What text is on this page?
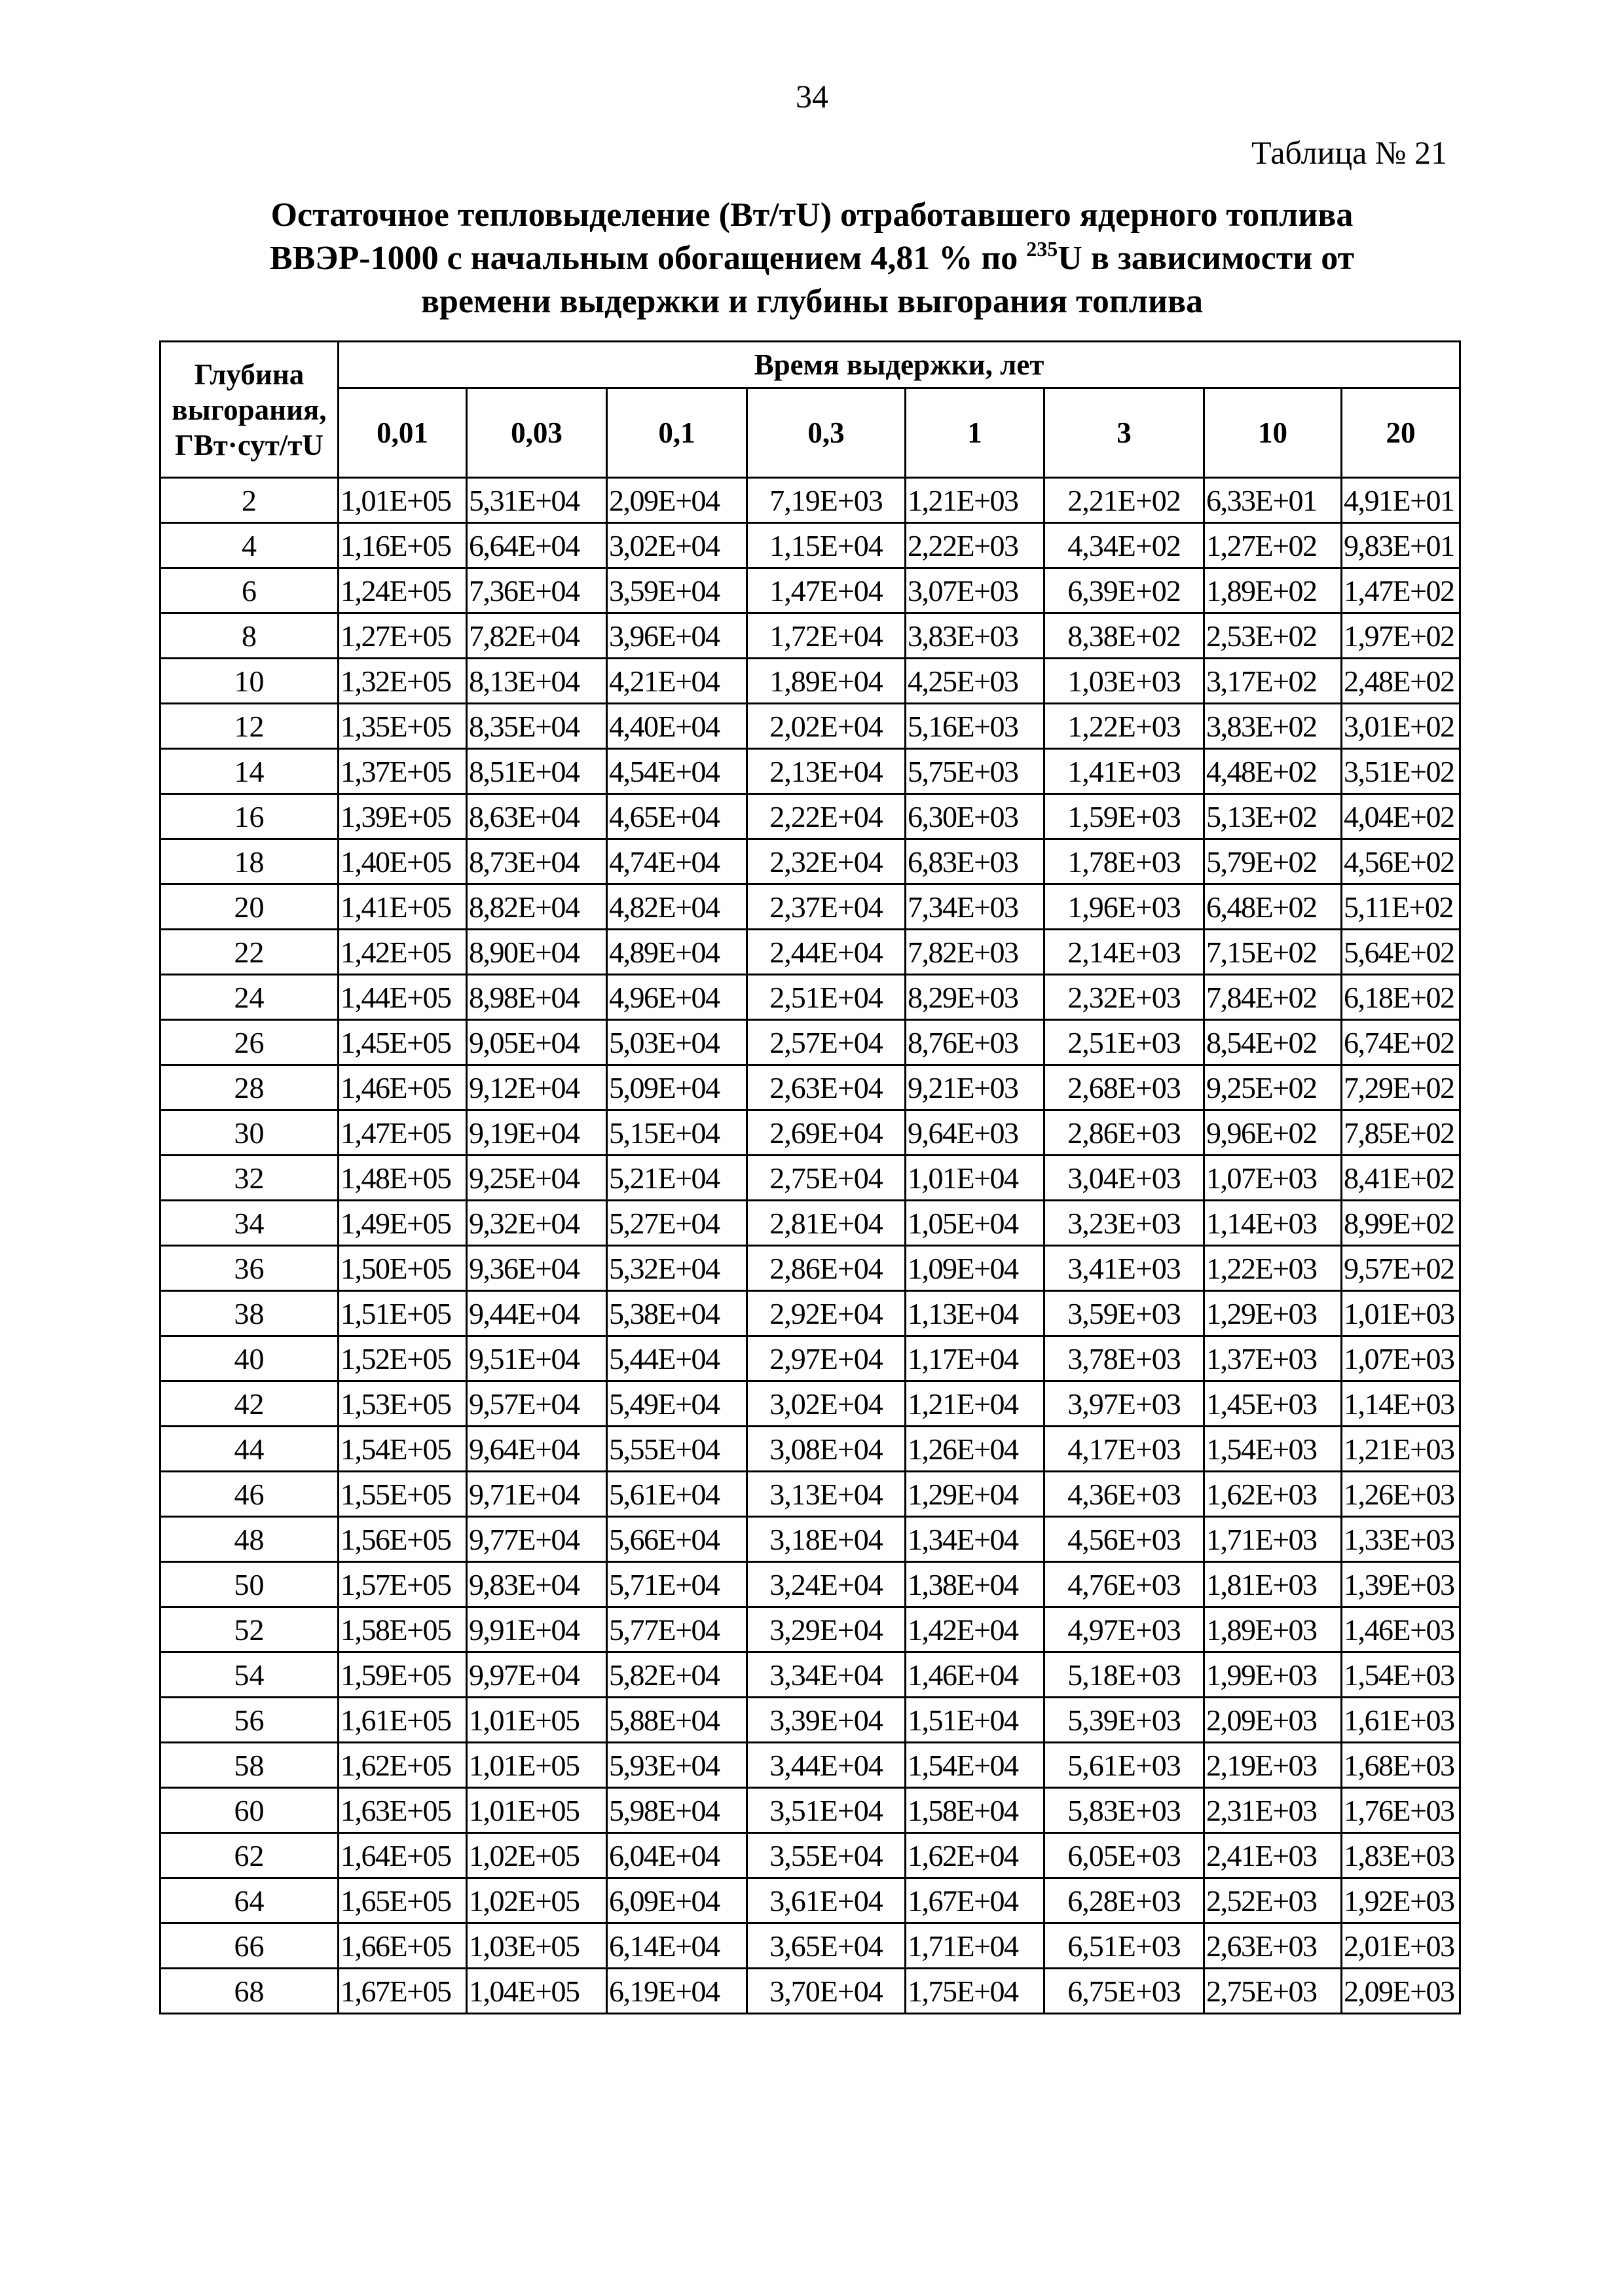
34
Таблица № 21
Остаточное тепловыделение (Вт/тU) отработавшего ядерного топлива
ВВЭР-1000 с начальным обогащением 4,81 % по $^{235}$U в зависимости от
времени выдержки и глубины выгорания топлива
Глубина
выгорания,
ГВт·сут/тU	Время выдержки, лет							
	0,01	0,03	0,1	0,3	1	3	10	20
2	1,01E+05	5,31E+04	2,09E+04	7,19E+03	1,21E+03	2,21E+02	6,33E+01	4,91E+01
4	1,16E+05	6,64E+04	3,02E+04	1,15E+04	2,22E+03	4,34E+02	1,27E+02	9,83E+01
6	1,24E+05	7,36E+04	3,59E+04	1,47E+04	3,07E+03	6,39E+02	1,89E+02	1,47E+02
8	1,27E+05	7,82E+04	3,96E+04	1,72E+04	3,83E+03	8,38E+02	2,53E+02	1,97E+02
10	1,32E+05	8,13E+04	4,21E+04	1,89E+04	4,25E+03	1,03E+03	3,17E+02	2,48E+02
12	1,35E+05	8,35E+04	4,40E+04	2,02E+04	5,16E+03	1,22E+03	3,83E+02	3,01E+02
14	1,37E+05	8,51E+04	4,54E+04	2,13E+04	5,75E+03	1,41E+03	4,48E+02	3,51E+02
16	1,39E+05	8,63E+04	4,65E+04	2,22E+04	6,30E+03	1,59E+03	5,13E+02	4,04E+02
18	1,40E+05	8,73E+04	4,74E+04	2,32E+04	6,83E+03	1,78E+03	5,79E+02	4,56E+02
20	1,41E+05	8,82E+04	4,82E+04	2,37E+04	7,34E+03	1,96E+03	6,48E+02	5,11E+02
22	1,42E+05	8,90E+04	4,89E+04	2,44E+04	7,82E+03	2,14E+03	7,15E+02	5,64E+02
24	1,44E+05	8,98E+04	4,96E+04	2,51E+04	8,29E+03	2,32E+03	7,84E+02	6,18E+02
26	1,45E+05	9,05E+04	5,03E+04	2,57E+04	8,76E+03	2,51E+03	8,54E+02	6,74E+02
28	1,46E+05	9,12E+04	5,09E+04	2,63E+04	9,21E+03	2,68E+03	9,25E+02	7,29E+02
30	1,47E+05	9,19E+04	5,15E+04	2,69E+04	9,64E+03	2,86E+03	9,96E+02	7,85E+02
32	1,48E+05	9,25E+04	5,21E+04	2,75E+04	1,01E+04	3,04E+03	1,07E+03	8,41E+02
34	1,49E+05	9,32E+04	5,27E+04	2,81E+04	1,05E+04	3,23E+03	1,14E+03	8,99E+02
36	1,50E+05	9,36E+04	5,32E+04	2,86E+04	1,09E+04	3,41E+03	1,22E+03	9,57E+02
38	1,51E+05	9,44E+04	5,38E+04	2,92E+04	1,13E+04	3,59E+03	1,29E+03	1,01E+03
40	1,52E+05	9,51E+04	5,44E+04	2,97E+04	1,17E+04	3,78E+03	1,37E+03	1,07E+03
42	1,53E+05	9,57E+04	5,49E+04	3,02E+04	1,21E+04	3,97E+03	1,45E+03	1,14E+03
44	1,54E+05	9,64E+04	5,55E+04	3,08E+04	1,26E+04	4,17E+03	1,54E+03	1,21E+03
46	1,55E+05	9,71E+04	5,61E+04	3,13E+04	1,29E+04	4,36E+03	1,62E+03	1,26E+03
48	1,56E+05	9,77E+04	5,66E+04	3,18E+04	1,34E+04	4,56E+03	1,71E+03	1,33E+03
50	1,57E+05	9,83E+04	5,71E+04	3,24E+04	1,38E+04	4,76E+03	1,81E+03	1,39E+03
52	1,58E+05	9,91E+04	5,77E+04	3,29E+04	1,42E+04	4,97E+03	1,89E+03	1,46E+03
54	1,59E+05	9,97E+04	5,82E+04	3,34E+04	1,46E+04	5,18E+03	1,99E+03	1,54E+03
56	1,61E+05	1,01E+05	5,88E+04	3,39E+04	1,51E+04	5,39E+03	2,09E+03	1,61E+03
58	1,62E+05	1,01E+05	5,93E+04	3,44E+04	1,54E+04	5,61E+03	2,19E+03	1,68E+03
60	1,63E+05	1,01E+05	5,98E+04	3,51E+04	1,58E+04	5,83E+03	2,31E+03	1,76E+03
62	1,64E+05	1,02E+05	6,04E+04	3,55E+04	1,62E+04	6,05E+03	2,41E+03	1,83E+03
64	1,65E+05	1,02E+05	6,09E+04	3,61E+04	1,67E+04	6,28E+03	2,52E+03	1,92E+03
66	1,66E+05	1,03E+05	6,14E+04	3,65E+04	1,71E+04	6,51E+03	2,63E+03	2,01E+03
68	1,67E+05	1,04E+05	6,19E+04	3,70E+04	1,75E+04	6,75E+03	2,75E+03	2,09E+03
